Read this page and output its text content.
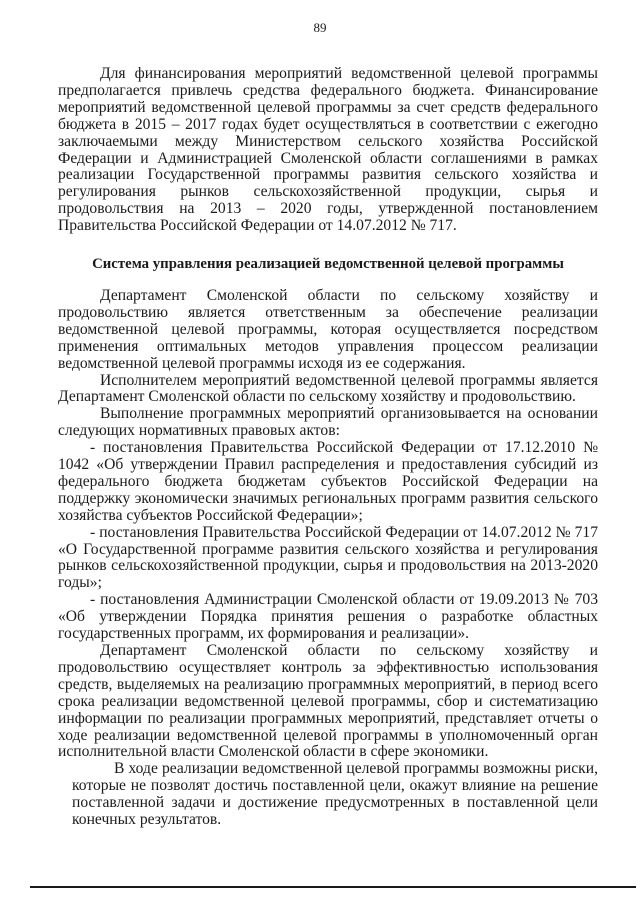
89

Для финансирования мероприятий ведомственной целевой программы предполагается привлечь средства федерального бюджета. Финансирование мероприятий ведомственной целевой программы за счет средств федерального бюджета в 2015 – 2017 годах будет осуществляться в соответствии с ежегодно заключаемыми между Министерством сельского хозяйства Российской Федерации и Администрацией Смоленской области соглашениями в рамках реализации Государственной программы развития сельского хозяйства и регулирования рынков сельскохозяйственной продукции, сырья и продовольствия на 2013 – 2020 годы, утвержденной постановлением Правительства Российской Федерации от 14.07.2012 № 717.

Система управления реализацией ведомственной целевой программы

Департамент Смоленской области по сельскому хозяйству и продовольствию является ответственным за обеспечение реализации ведомственной целевой программы, которая осуществляется посредством применения оптимальных методов управления процессом реализации ведомственной целевой программы исходя из ее содержания.

Исполнителем мероприятий ведомственной целевой программы является Департамент Смоленской области по сельскому хозяйству и продовольствию.

Выполнение программных мероприятий организовывается на основании следующих нормативных правовых актов:

- постановления Правительства Российской Федерации от 17.12.2010 № 1042 «Об утверждении Правил распределения и предоставления субсидий из федерального бюджета бюджетам субъектов Российской Федерации на поддержку экономически значимых региональных программ развития сельского хозяйства субъектов Российской Федерации»;

- постановления Правительства Российской Федерации от 14.07.2012 № 717 «О Государственной программе развития сельского хозяйства и регулирования рынков сельскохозяйственной продукции, сырья и продовольствия на 2013-2020 годы»;

- постановления Администрации Смоленской области от 19.09.2013 № 703 «Об утверждении Порядка принятия решения о разработке областных государственных программ, их формирования и реализации».

Департамент Смоленской области по сельскому хозяйству и продовольствию осуществляет контроль за эффективностью использования средств, выделяемых на реализацию программных мероприятий, в период всего срока реализации ведомственной целевой программы, сбор и систематизацию информации по реализации программных мероприятий, представляет отчеты о ходе реализации ведомственной целевой программы в уполномоченный орган исполнительной власти Смоленской области в сфере экономики.

В ходе реализации ведомственной целевой программы возможны риски, которые не позволят достичь поставленной цели, окажут влияние на решение поставленной задачи и достижение предусмотренных в поставленной цели конечных результатов.
